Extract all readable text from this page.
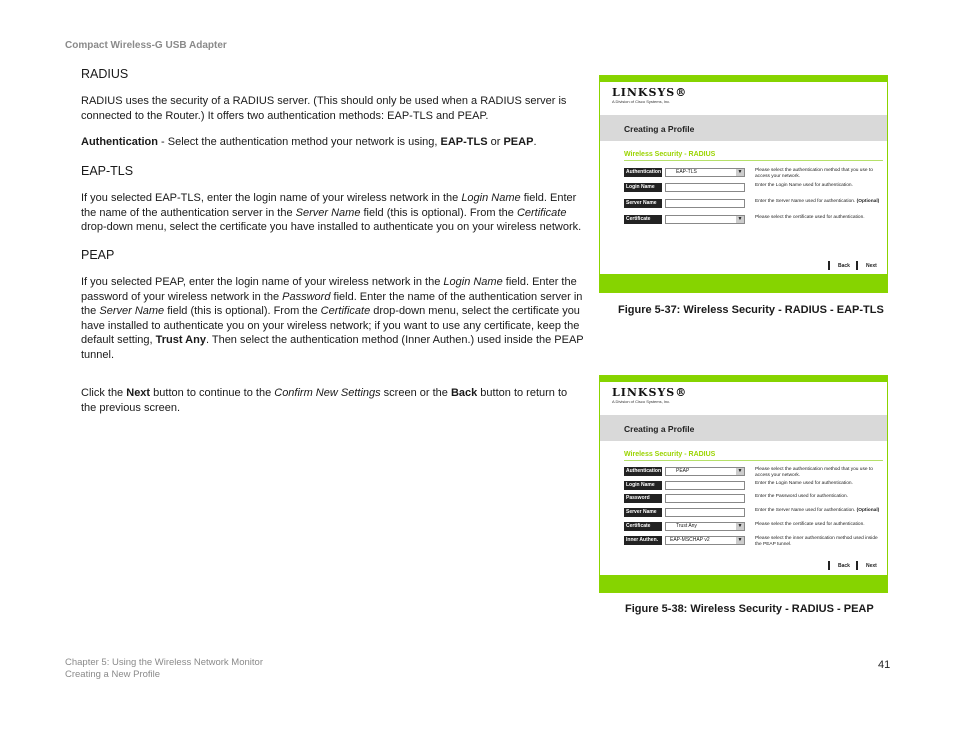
Compact Wireless-G USB Adapter
RADIUS
RADIUS uses the security of a RADIUS server. (This should only be used when a RADIUS server is connected to the Router.) It offers two authentication methods: EAP-TLS and PEAP.
Authentication - Select the authentication method your network is using, EAP-TLS or PEAP.
EAP-TLS
If you selected EAP-TLS, enter the login name of your wireless network in the Login Name field. Enter the name of the authentication server in the Server Name field (this is optional). From the Certificate drop-down menu, select the certificate you have installed to authenticate you on your wireless network.
PEAP
If you selected PEAP, enter the login name of your wireless network in the Login Name field. Enter the password of your wireless network in the Password field. Enter the name of the authentication server in the Server Name field (this is optional). From the Certificate drop-down menu, select the certificate you have installed to authenticate you on your wireless network; if you want to use any certificate, keep the default setting, Trust Any. Then select the authentication method (Inner Authen.) used inside the PEAP tunnel.
Click the Next button to continue to the Confirm New Settings screen or the Back button to return to the previous screen.
LINKSYS®
A Division of Cisco Systems, Inc.
Creating a Profile
Wireless Security - RADIUS
Authentication	EAP-TLS	▼	Please select the authentication method that you use to access your network.
Login Name	Enter the Login Name used for authentication.
Server Name	Enter the Server Name used for authentication. (Optional)
Certificate	▼	Please select the certificate used for authentication.
Back	Next
Figure 5-37: Wireless Security - RADIUS - EAP-TLS
LINKSYS®
A Division of Cisco Systems, Inc.
Creating a Profile
Wireless Security - RADIUS
Authentication	PEAP	▼	Please select the authentication method that you use to access your network.
Login Name	Enter the Login Name used for authentication.
Password	Enter the Password used for authentication.
Server Name	Enter the Server Name used for authentication. (Optional)
Certificate	Trust Any	▼	Please select the certificate used for authentication.
Inner Authen.	EAP-MSCHAP v2	▼	Please select the inner authentication method used inside the PEAP tunnel.
Back	Next
Figure 5-38: Wireless Security - RADIUS - PEAP
Chapter 5: Using the Wireless Network Monitor
Creating a New Profile
41
